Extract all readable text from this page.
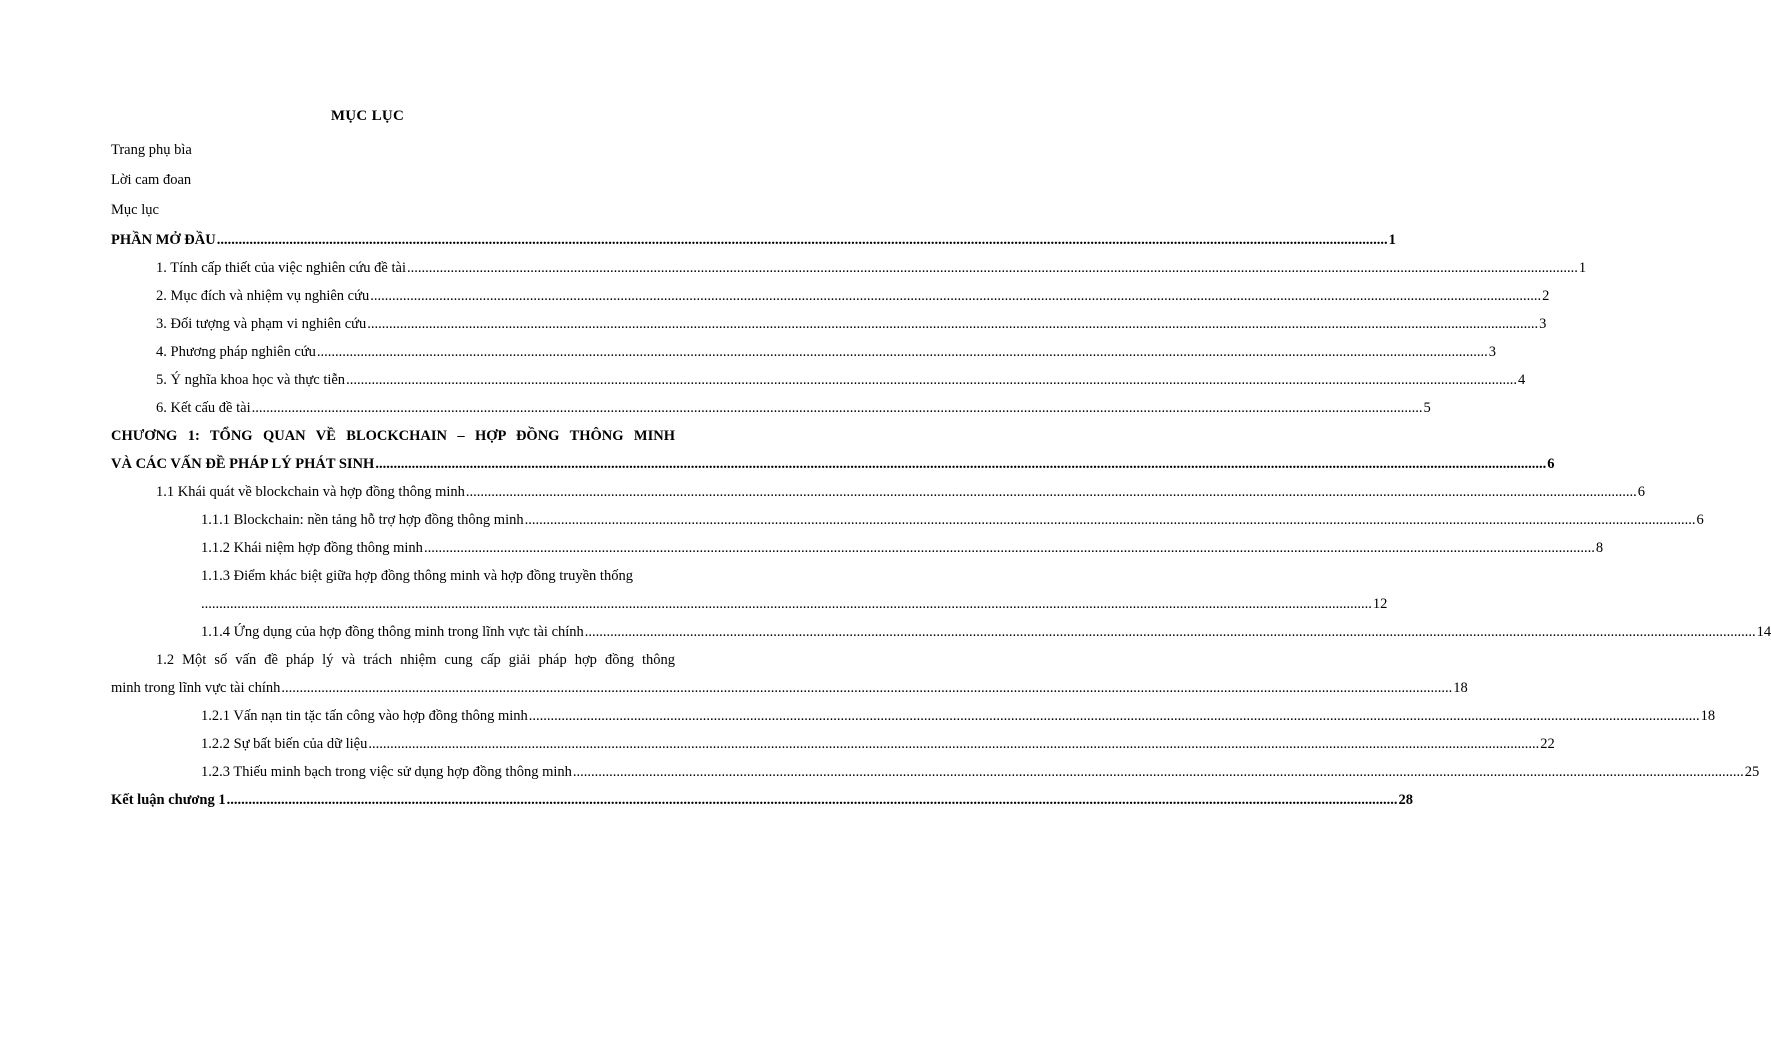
MỤC LỤC
Trang phụ bìa
Lời cam đoan
Mục lục
PHẦN MỞ ĐẦU ................................................................................................................................................................................................................................................................................................................................... 1
1. Tính cấp thiết của việc nghiên cứu đề tài ................................................................................................................................................................................................................................................................................................................................... 1
2. Mục đích và nhiệm vụ nghiên cứu ................................................................................................................................................................................................................................................................................................................................... 2
3. Đối tượng và phạm vi nghiên cứu ................................................................................................................................................................................................................................................................................................................................... 3
4. Phương pháp nghiên cứu ................................................................................................................................................................................................................................................................................................................................... 3
5. Ý nghĩa khoa học và thực tiễn ................................................................................................................................................................................................................................................................................................................................... 4
6. Kết cấu đề tài ................................................................................................................................................................................................................................................................................................................................... 5
CHƯƠNG 1: TỔNG QUAN VỀ BLOCKCHAIN – HỢP ĐỒNG THÔNG MINH
VÀ CÁC VẤN ĐỀ PHÁP LÝ PHÁT SINH ................................................................................................................................................................................................................................................................................................................................... 6
1.1 Khái quát về blockchain và hợp đồng thông minh ................................................................................................................................................................................................................................................................................................................................... 6
1.1.1 Blockchain: nền tảng hỗ trợ hợp đồng thông minh ................................................................................................................................................................................................................................................................................................................................... 6
1.1.2 Khái niệm hợp đồng thông minh ................................................................................................................................................................................................................................................................................................................................... 8
1.1.3 Điểm khác biệt giữa hợp đồng thông minh và hợp đồng truyền thống
................................................................................................................................................................................................................................................................................................................................... 12
1.1.4 Ứng dụng của hợp đồng thông minh trong lĩnh vực tài chính ................................................................................................................................................................................................................................................................................................................................... 14
1.2 Một số vấn đề pháp lý và trách nhiệm cung cấp giải pháp hợp đồng thông
minh trong lĩnh vực tài chính ................................................................................................................................................................................................................................................................................................................................... 18
1.2.1 Vấn nạn tin tặc tấn công vào hợp đồng thông minh ................................................................................................................................................................................................................................................................................................................................... 18
1.2.2 Sự bất biến của dữ liệu ................................................................................................................................................................................................................................................................................................................................... 22
1.2.3 Thiếu minh bạch trong việc sử dụng hợp đồng thông minh ................................................................................................................................................................................................................................................................................................................................... 25
Kết luận chương 1 ................................................................................................................................................................................................................................................................................................................................... 28
